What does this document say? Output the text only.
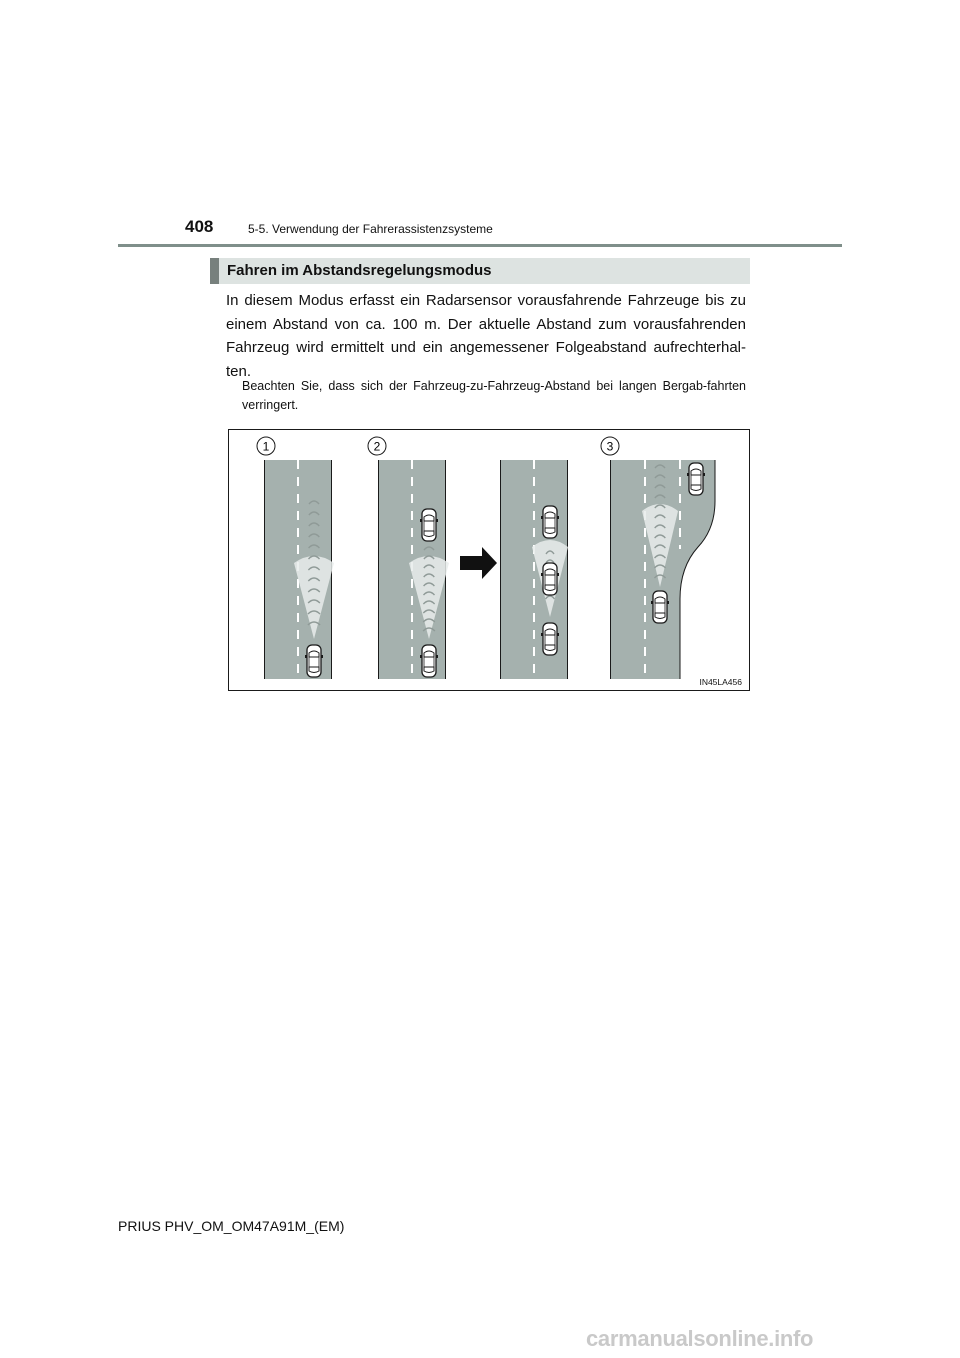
408	5-5. Verwendung der Fahrerassistenzsysteme
Fahren im Abstandsregelungsmodus

In diesem Modus erfasst ein Radarsensor vorausfahrende Fahrzeuge bis zu einem Abstand von ca. 100 m. Der aktuelle Abstand zum vorausfahrenden Fahrzeug wird ermittelt und ein angemessener Folgeabstand aufrechterhal-ten.

Beachten Sie, dass sich der Fahrzeug-zu-Fahrzeug-Abstand bei langen Bergab-fahrten verringert.

1	2	3
IN45LA456
PRIUS PHV_OM_OM47A91M_(EM)
carmanualsonline.info
